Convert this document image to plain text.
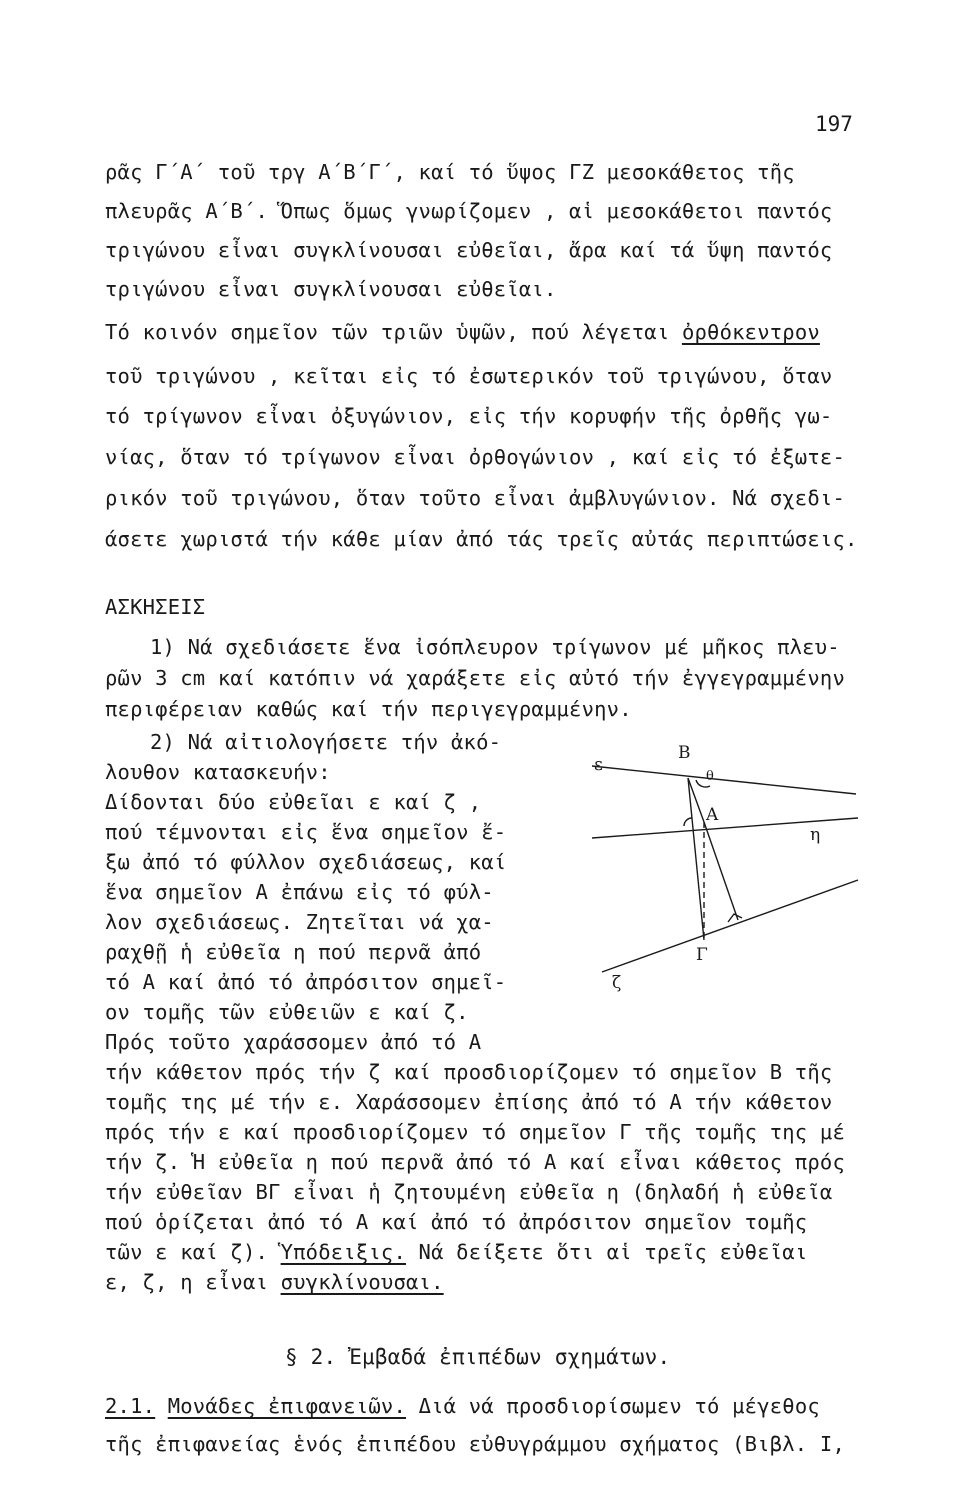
197
ρᾶς Γ΄Α΄ τοῦ τργ Α΄Β΄Γ΄, καί τό ὕψος ΓΖ μεσοκάθετος τῆς
πλευρᾶς Α΄Β΄. Ὅπως ὅμως γνωρίζομεν , αἱ μεσοκάθετοι παντός
τριγώνου εἶναι συγκλίνουσαι εὐθεῖαι, ἄρα καί τά ὕψη παντός
τριγώνου εἶναι συγκλίνουσαι εὐθεῖαι.
Τό κοινόν σημεῖον τῶν τριῶν ὑψῶν, πού λέγεται ὀρθόκεντρον
τοῦ τριγώνου , κεῖται εἰς τό ἐσωτερικόν τοῦ τριγώνου, ὅταν
τό τρίγωνον εἶναι ὀξυγώνιον, εἰς τήν κορυφήν τῆς ὀρθῆς γω-
νίας, ὅταν τό τρίγωνον εἶναι ὀρθογώνιον , καί εἰς τό ἐξωτε-
ρικόν τοῦ τριγώνου, ὅταν τοῦτο εἶναι ἀμβλυγώνιον. Νά σχεδι-
άσετε χωριστά τήν κάθε μίαν ἀπό τάς τρεῖς αὐτάς περιπτώσεις.
ΑΣΚΗΣΕΙΣ
1) Νά σχεδιάσετε ἕνα ἰσόπλευρον τρίγωνον μέ μῆκος πλευ-
ρῶν 3 cm καί κατόπιν νά χαράξετε εἰς αὐτό τήν ἐγγεγραμμένην
περιφέρειαν καθώς καί τήν περιγεγραμμένην.
2) Νά αἰτιολογήσετε τήν ἀκό-
λουθον κατασκευήν:
Δίδονται δύο εὐθεῖαι ε καί ζ ,
πού τέμνονται εἰς ἕνα σημεῖον ἔ-
ξω ἀπό τό φύλλον σχεδιάσεως, καί
ἕνα σημεῖον Α ἐπάνω εἰς τό φύλ-
λον σχεδιάσεως. Ζητεῖται νά χα-
ραχθῇ ἡ εὐθεῖα η πού περνᾶ ἀπό
τό Α καί ἀπό τό ἀπρόσιτον σημεῖ-
ον τομῆς τῶν εὐθειῶν ε καί ζ.
Πρός τοῦτο χαράσσομεν ἀπό τό Α
τήν κάθετον πρός τήν ζ καί προσδιορίζομεν τό σημεῖον Β τῆς
τομῆς της μέ τήν ε. Χαράσσομεν ἐπίσης ἀπό τό Α τήν κάθετον
πρός τήν ε καί προσδιορίζομεν τό σημεῖον Γ τῆς τομῆς της μέ
τήν ζ. Ἡ εὐθεῖα η πού περνᾶ ἀπό τό Α καί εἶναι κάθετος πρός
τήν εὐθεῖαν ΒΓ εἶναι ἡ ζητουμένη εὐθεῖα η (δηλαδή ἡ εὐθεῖα
πού ὁρίζεται ἀπό τό Α καί ἀπό τό ἀπρόσιτον σημεῖον τομῆς
τῶν ε καί ζ). Ὑπόδειξις. Νά δείξετε ὅτι αἱ τρεῖς εὐθεῖαι
ε, ζ, η εἶναι συγκλίνουσαι.
§ 2. Ἐμβαδά ἐπιπέδων σχημάτων.
2.1. Μονάδες ἐπιφανειῶν. Διά νά προσδιορίσωμεν τό μέγεθος
τῆς ἐπιφανείας ἑνός ἐπιπέδου εὐθυγράμμου σχήματος (Βιβλ. Ι,
Β
Α
Γ
ε
ζ
η
θ
